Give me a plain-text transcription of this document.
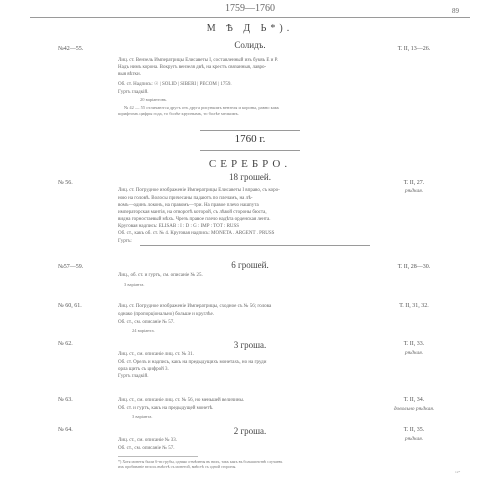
1759—1760	89
М Ѣ Д Ь*).
Солидъ.
№42—55.	Т. II, 13—26.
Лиц. ст. Вензель Императрицы Елисаветы I, составленный изъ буквъ Е и Р.
Надъ нимъ корона. Вокругъ вензеля двѣ, на крестъ связанныя, лавро-
выя вѣтки.
Об. ст. Надпись: ☉ | SOLID | SIBERI | PECOM | 1759.
Гуртъ гладкій.
20 варіантовъ.
№ 42 — 55 отличаются другъ отъ друга рисункомъ вензеля и короны, равно какъ
шрифтомъ цифры года, то болѣе крупнымъ, то болѣе мелкимъ.
1760 г.
СЕРЕБРО.
18 грошей.
№ 56.	Т. II, 27.
рѣдкая.
Лиц. ст. Погрудное изображеніе Императрицы Елисаветы I вправо, съ коро-
ною на головѣ. Волосы причесаны падаютъ по плечамъ, на лѣ-
вомъ—одинъ локонъ, на правомъ—три. На правое плечо нашпута
императорская мантія, на отворотѣ которой, съ лѣвой стороны бюста,
видна горностаевый мѣхъ. Чрезъ правое плечо надѣта орденская лента.
Круговая надпись: ELISAB : I : D : G : IMP : TOT : RUSS
Об. ст., какъ об. ст. № 4. Круговая надпись: MONETA . ARGENT . PRUSS
Гуртъ:
6 грошей.
№57—59.	Т. II, 28—30.
Лиц., об. ст. и гуртъ, см. описаніе № 25.
3 варіанта.
№ 60, 61.	Т. II, 31, 32.
Лиц. ст. Погрудное изображеніе Императрицы, сходное съ № 56; голова
однако (пропорціонально) больше и круглѣе.
Об. ст., см. описаніе № 57.
24 варіанта.
3 гроша.
№ 62.	Т. II, 33.
рѣдкая.
Лиц. ст., см. описаніе лиц. ст. № 31.
Об. ст. Орелъ и надпись, какъ на предыдущихъ монетахъ, но на груди
орла щитъ съ цифрой 3.
Гуртъ гладкій.
№ 63.	Т. II, 34.
довольно рѣдкая.
Лиц. ст., см. описаніе лиц. ст. № 56, но меньшей величины.
Об. ст. и гуртъ, какъ на предыдущей монетѣ.
3 варіанта.
2 гроша.
№ 64.	Т. II, 35.
рѣдкая.
Лиц. ст., см. описаніе № 33.
Об. ст., см. описаніе № 57.
*) Хотя монеты были 6-ти грубы, однако отмѣчены въ нихъ, такъ какъ въ большинствѣ случаевъ
ихъ пробиваніе велось вмѣстѣ съ монетой, вмѣстѣ съ одной стороны.
12*
